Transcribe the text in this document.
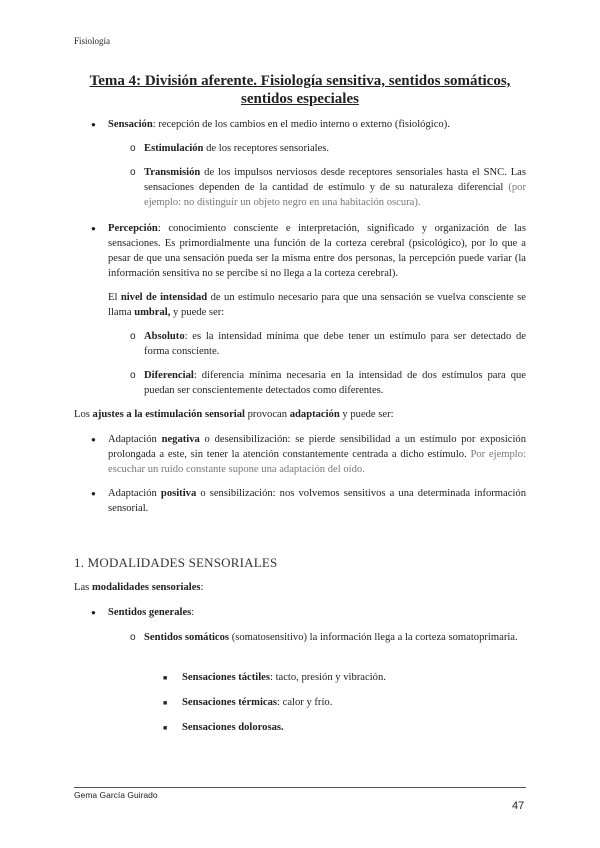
Fisiología
Tema 4: División aferente. Fisiología sensitiva, sentidos somáticos, sentidos especiales
●
Sensación: recepción de los cambios en el medio interno o externo (fisiológico).
o
Estimulación de los receptores sensoriales.
o
Transmisión de los impulsos nerviosos desde receptores sensoriales hasta el SNC. Las sensaciones dependen de la cantidad de estímulo y de su naturaleza diferencial (por ejemplo: no distinguir un objeto negro en una habitación oscura).
●
Percepción: conocimiento consciente e interpretación, significado y organización de las sensaciones. Es primordialmente una función de la corteza cerebral (psicológico), por lo que a pesar de que una sensación pueda ser la misma entre dos personas, la percepción puede variar (la información sensitiva no se percibe si no llega a la corteza cerebral).
El nivel de intensidad de un estímulo necesario para que una sensación se vuelva consciente se llama umbral, y puede ser:
o
Absoluto: es la intensidad mínima que debe tener un estímulo para ser detectado de forma consciente.
o
Diferencial: diferencia mínima necesaria en la intensidad de dos estímulos para que puedan ser conscientemente detectados como diferentes.
Los ajustes a la estimulación sensorial provocan adaptación y puede ser:
●
Adaptación negativa o desensibilización: se pierde sensibilidad a un estímulo por exposición prolongada a este, sin tener la atención constantemente centrada a dicho estímulo. Por ejemplo: escuchar un ruido constante supone una adaptación del oído.
●
Adaptación positiva o sensibilización: nos volvemos sensitivos a una determinada información sensorial.
1. MODALIDADES SENSORIALES
Las modalidades sensoriales:
●
Sentidos generales:
o
Sentidos somáticos (somatosensitivo) la información llega a la corteza somatoprimaria.
■
Sensaciones táctiles: tacto, presión y vibración.
■
Sensaciones térmicas: calor y frío.
■
Sensaciones dolorosas.
Gema García Guirado
47
